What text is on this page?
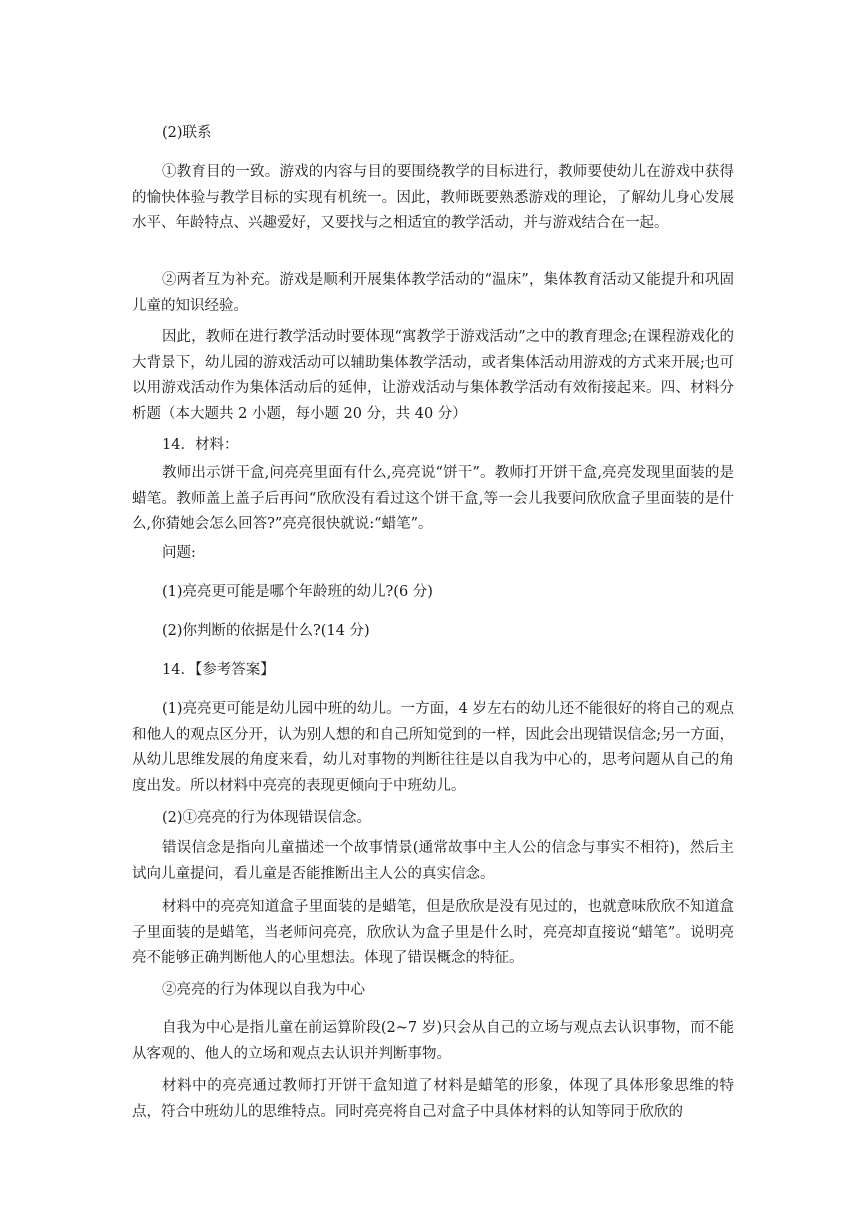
(2)联系

①教育目的一致。游戏的内容与目的要围绕教学的目标进行，教师要使幼儿在游戏中获得的愉快体验与教学目标的实现有机统一。因此，教师既要熟悉游戏的理论，了解幼儿身心发展水平、年龄特点、兴趣爱好，又要找与之相适宜的教学活动，并与游戏结合在一起。

②两者互为补充。游戏是顺利开展集体教学活动的“温床”，集体教育活动又能提升和巩固儿童的知识经验。

因此，教师在进行教学活动时要体现“寓教学于游戏活动”之中的教育理念;在课程游戏化的大背景下，幼儿园的游戏活动可以辅助集体教学活动，或者集体活动用游戏的方式来开展;也可以用游戏活动作为集体活动后的延伸，让游戏活动与集体教学活动有效衔接起来。四、材料分析题（本大题共 2 小题，每小题 20 分，共 40 分）

14．材料：

教师出示饼干盒,问亮亮里面有什么,亮亮说“饼干”。教师打开饼干盒,亮亮发现里面装的是蜡笔。教师盖上盖子后再问“欣欣没有看过这个饼干盒,等一会儿我要问欣欣盒子里面装的是什么,你猜她会怎么回答?”亮亮很快就说:“蜡笔”。

问题:

(1)亮亮更可能是哪个年龄班的幼儿?(6 分)

(2)你判断的依据是什么?(14 分)

14．【参考答案】

(1)亮亮更可能是幼儿园中班的幼儿。一方面，4 岁左右的幼儿还不能很好的将自己的观点和他人的观点区分开，认为别人想的和自己所知觉到的一样，因此会出现错误信念;另一方面，从幼儿思维发展的角度来看，幼儿对事物的判断往往是以自我为中心的，思考问题从自己的角度出发。所以材料中亮亮的表现更倾向于中班幼儿。

(2)①亮亮的行为体现错误信念。

错误信念是指向儿童描述一个故事情景(通常故事中主人公的信念与事实不相符)，然后主试向儿童提问，看儿童是否能推断出主人公的真实信念。

材料中的亮亮知道盒子里面装的是蜡笔，但是欣欣是没有见过的，也就意味欣欣不知道盒子里面装的是蜡笔，当老师问亮亮，欣欣认为盒子里是什么时，亮亮却直接说“蜡笔”。说明亮亮不能够正确判断他人的心里想法。体现了错误概念的特征。

②亮亮的行为体现以自我为中心

自我为中心是指儿童在前运算阶段(2~7 岁)只会从自己的立场与观点去认识事物，而不能从客观的、他人的立场和观点去认识并判断事物。

材料中的亮亮通过教师打开饼干盒知道了材料是蜡笔的形象，体现了具体形象思维的特点，符合中班幼儿的思维特点。同时亮亮将自己对盒子中具体材料的认知等同于欣欣的
